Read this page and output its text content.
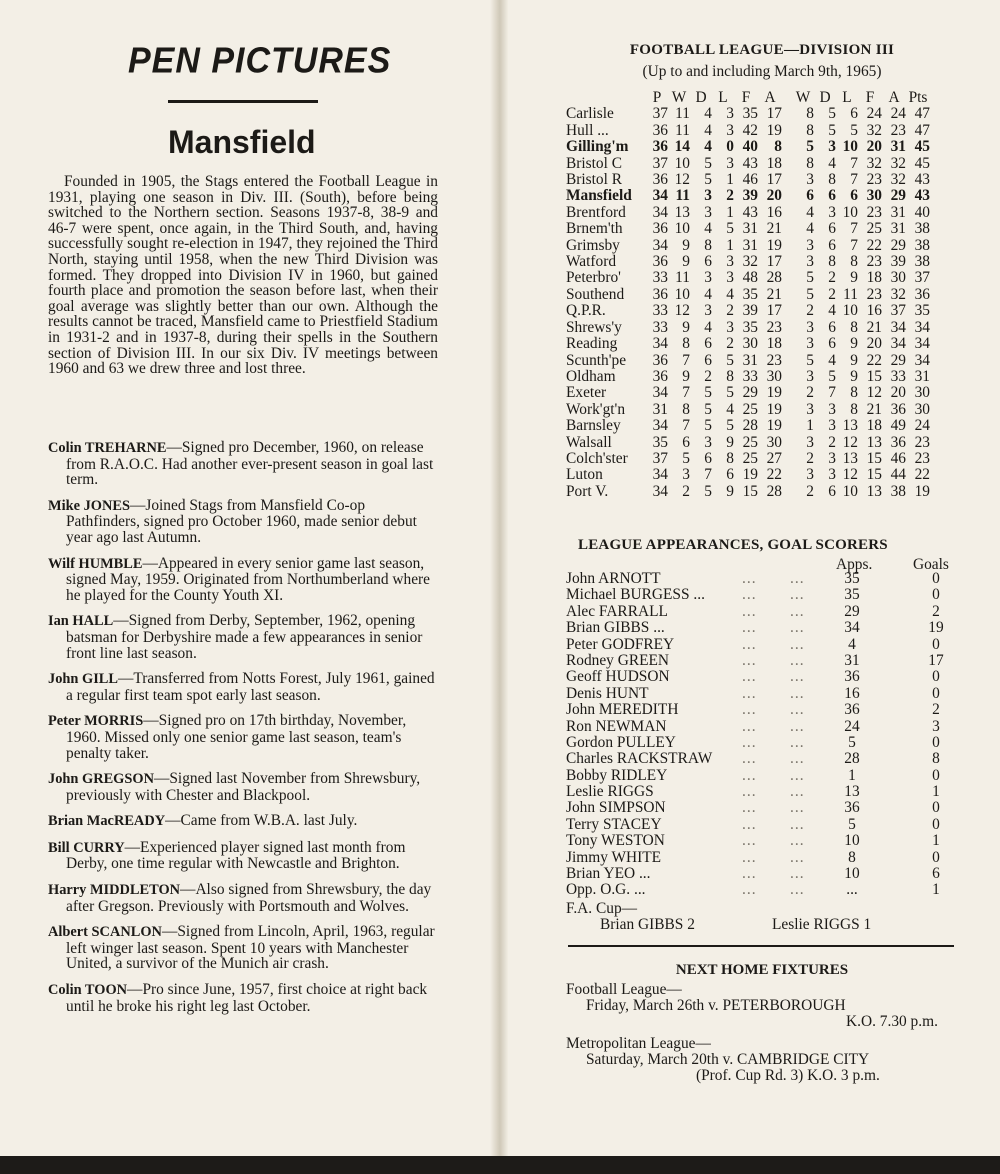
PEN PICTURES
Mansfield

Founded in 1905, the Stags entered the Football League in 1931, playing one season in Div. III. (South), before being switched to the Northern section. Seasons 1937-8, 38-9 and 46-7 were spent, once again, in the Third South, and, having successfully sought re-election in 1947, they rejoined the Third North, staying until 1958, when the new Third Division was formed. They dropped into Division IV in 1960, but gained fourth place and promotion the season before last, when their goal average was slightly better than our own. Although the results cannot be traced, Mansfield came to Priestfield Stadium in 1931-2 and in 1937-8, during their spells in the Southern section of Division III. In our six Div. IV meetings between 1960 and 63 we drew three and lost three.

Colin TREHARNE—Signed pro December, 1960, on release from R.A.O.C. Had another ever-present season in goal last term.
Mike JONES—Joined Stags from Mansfield Co-op Pathfinders, signed pro October 1960, made senior debut year ago last Autumn.
Wilf HUMBLE—Appeared in every senior game last season, signed May, 1959. Originated from Northumberland where he played for the County Youth XI.
Ian HALL—Signed from Derby, September, 1962, opening batsman for Derbyshire made a few appearances in senior front line last season.
John GILL—Transferred from Notts Forest, July 1961, gained a regular first team spot early last season.
Peter MORRIS—Signed pro on 17th birthday, November, 1960. Missed only one senior game last season, team's penalty taker.
John GREGSON—Signed last November from Shrewsbury, previously with Chester and Blackpool.
Brian MacREADY—Came from W.B.A. last July.
Bill CURRY—Experienced player signed last month from Derby, one time regular with Newcastle and Brighton.
Harry MIDDLETON—Also signed from Shrewsbury, the day after Gregson. Previously with Portsmouth and Wolves.
Albert SCANLON—Signed from Lincoln, April, 1963, regular left winger last season. Spent 10 years with Manchester United, a survivor of the Munich air crash.
Colin TOON—Pro since June, 1957, first choice at right back until he broke his right leg last October.
FOOTBALL LEAGUE—DIVISION III
(Up to and including March 9th, 1965)
	P	W	D	L	F	A		W	D	L	F	A	Pts
Carlisle	37	11	4	3	35	17		8	5	6	24	24	47
Hull ...	36	11	4	3	42	19		8	5	5	32	23	47
Gilling'm	36	14	4	0	40	8		5	3	10	20	31	45
Bristol C	37	10	5	3	43	18		8	4	7	32	32	45
Bristol R	36	12	5	1	46	17		3	8	7	23	32	43
Mansfield	34	11	3	2	39	20		6	6	6	30	29	43
Brentford	34	13	3	1	43	16		4	3	10	23	31	40
Brnem'th	36	10	4	5	31	21		4	6	7	25	31	38
Grimsby	34	9	8	1	31	19		3	6	7	22	29	38
Watford	36	9	6	3	32	17		3	8	8	23	39	38
Peterbro'	33	11	3	3	48	28		5	2	9	18	30	37
Southend	36	10	4	4	35	21		5	2	11	23	32	36
Q.P.R.	33	12	3	2	39	17		2	4	10	16	37	35
Shrews'y	33	9	4	3	35	23		3	6	8	21	34	34
Reading	34	8	6	2	30	18		3	6	9	20	34	34
Scunth'pe	36	7	6	5	31	23		5	4	9	22	29	34
Oldham	36	9	2	8	33	30		3	5	9	15	33	31
Exeter	34	7	5	5	29	19		2	7	8	12	20	30
Work'gt'n	31	8	5	4	25	19		3	3	8	21	36	30
Barnsley	34	7	5	5	28	19		1	3	13	18	49	24
Walsall	35	6	3	9	25	30		3	2	12	13	36	23
Colch'ster	37	5	6	8	25	27		2	3	13	15	46	23
Luton	34	3	7	6	19	22		3	3	12	15	44	22
Port V.	34	2	5	9	15	28		2	6	10	13	38	19
LEAGUE APPEARANCES, GOAL SCORERS
Apps.	Goals
John ARNOTT	... ...	35	0
Michael BURGESS ... ... ...	35	0
Alec FARRALL	... ...	29	2
Brian GIBBS ...	... ...	34	19
Peter GODFREY	... ...	4	0
Rodney GREEN	... ...	31	17
Geoff HUDSON	... ...	36	0
Denis HUNT	... ...	16	0
John MEREDITH	... ...	36	2
Ron NEWMAN	... ...	24	3
Gordon PULLEY	... ...	5	0
Charles RACKSTRAW ... ...	28	8
Bobby RIDLEY	... ...	1	0
Leslie RIGGS	... ...	13	1
John SIMPSON	... ...	36	0
Terry STACEY	... ...	5	0
Tony WESTON	... ...	10	1
Jimmy WHITE	... ...	8	0
Brian YEO ...	... ...	10	6
Opp. O.G. ...	... ...	...	1
F.A. Cup—
Brian GIBBS 2	Leslie RIGGS 1
NEXT HOME FIXTURES
Football League—
Friday, March 26th v. PETERBOROUGH
K.O. 7.30 p.m.
Metropolitan League—
Saturday, March 20th v. CAMBRIDGE CITY
(Prof. Cup Rd. 3) K.O. 3 p.m.
